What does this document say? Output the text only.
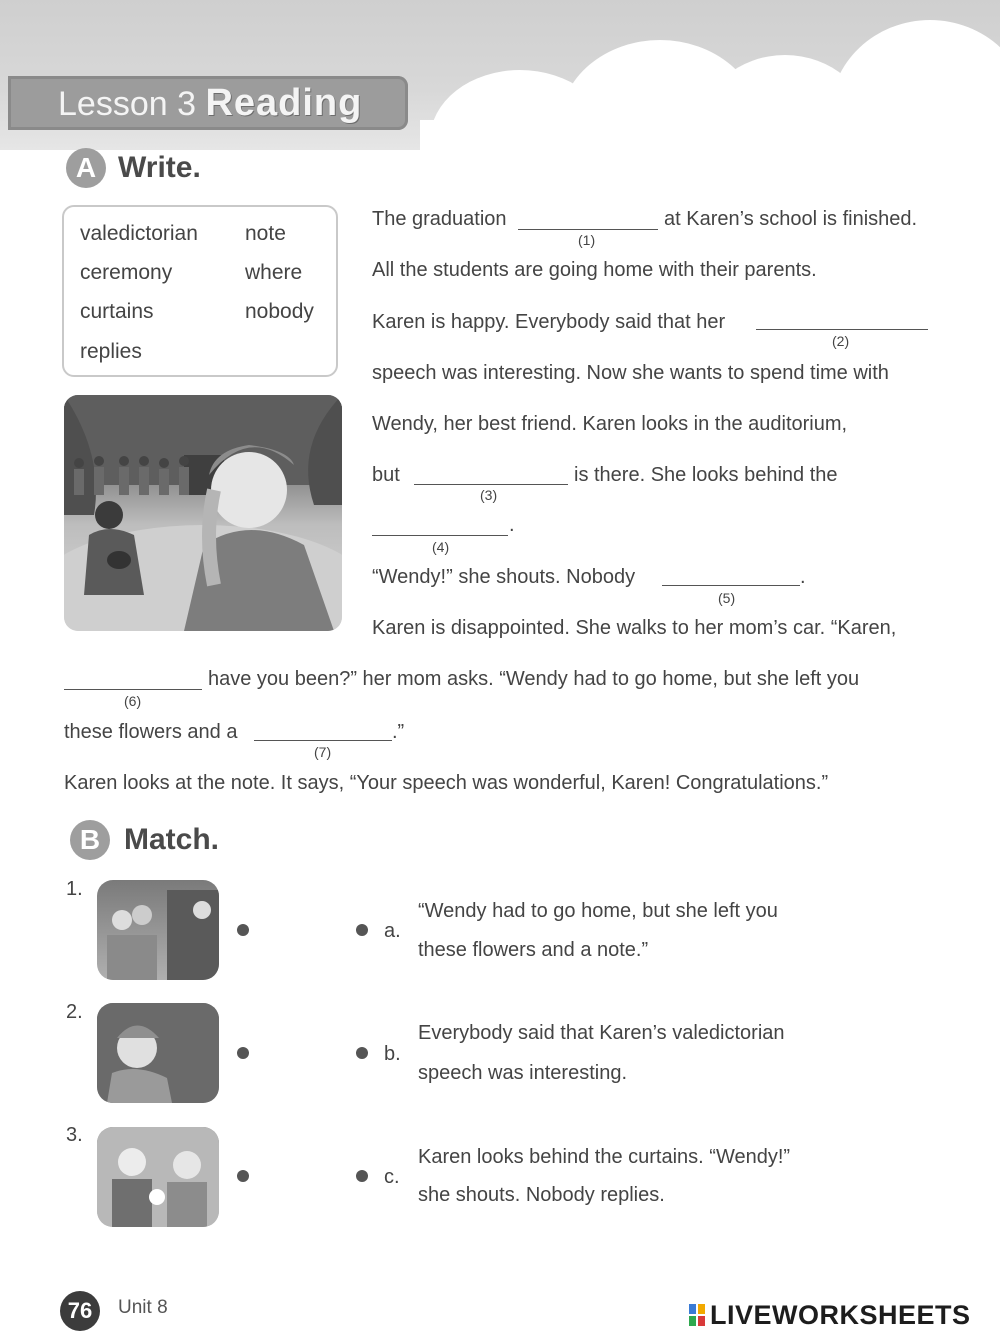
Lesson 3 Reading
A Write.
valedictorian note
ceremony	where
curtains	nobody
replies
The graduation
(1)
at Karen’s school is finished.
All the students are going home with their parents.
Karen is happy. Everybody said that her
(2)
speech was interesting. Now she wants to spend time with
Wendy, her best friend. Karen looks in the auditorium,
but
(3)
is there. She looks behind the
.
(4)
“Wendy!” she shouts. Nobody	.
(5)
Karen is disappointed. She walks to her mom’s car. “Karen,
(6)
have you been?” her mom asks. “Wendy had to go home, but she left you
these flowers and a	.”
(7)
Karen looks at the note. It says, “Your speech was wonderful, Karen! Congratulations.”
B Match.
1.
a.
“Wendy had to go home, but she left you
these flowers and a note.”
2.
b.
Everybody said that Karen’s valedictorian
speech was interesting.
3.
c.
Karen looks behind the curtains. “Wendy!”
she shouts. Nobody replies.
76	Unit 8	LIVEWORKSHEETS
